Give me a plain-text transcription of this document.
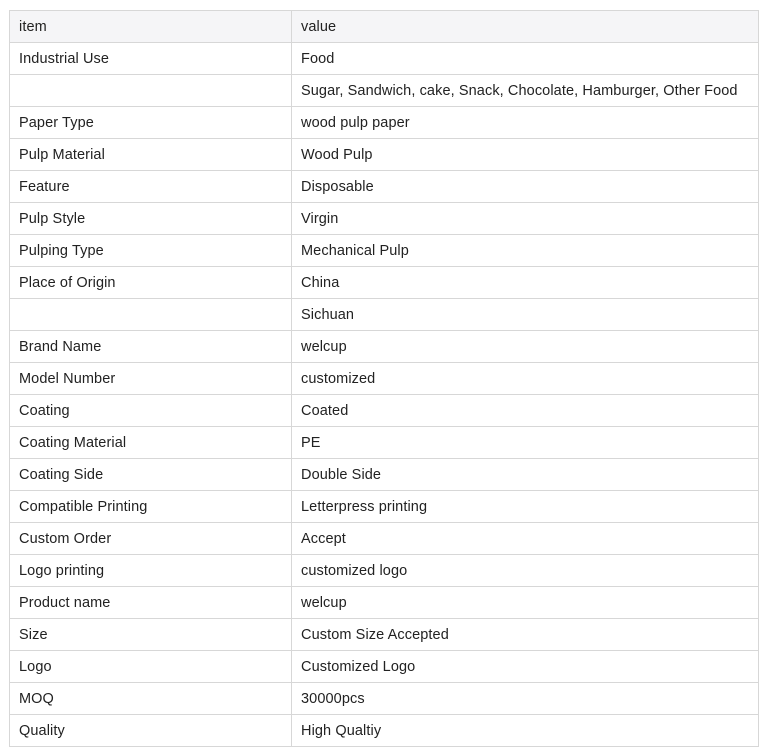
item	value
Industrial Use	Food
	Sugar, Sandwich, cake, Snack, Chocolate, Hamburger, Other Food
Paper Type	wood pulp paper
Pulp Material	Wood Pulp
Feature	Disposable
Pulp Style	Virgin
Pulping Type	Mechanical Pulp
Place of Origin	China
	Sichuan
Brand Name	welcup
Model Number	customized
Coating	Coated
Coating Material	PE
Coating Side	Double Side
Compatible Printing	Letterpress printing
Custom Order	Accept
Logo printing	customized logo
Product name	welcup
Size	Custom Size Accepted
Logo	Customized Logo
MOQ	30000pcs
Quality	High Qualtiy
